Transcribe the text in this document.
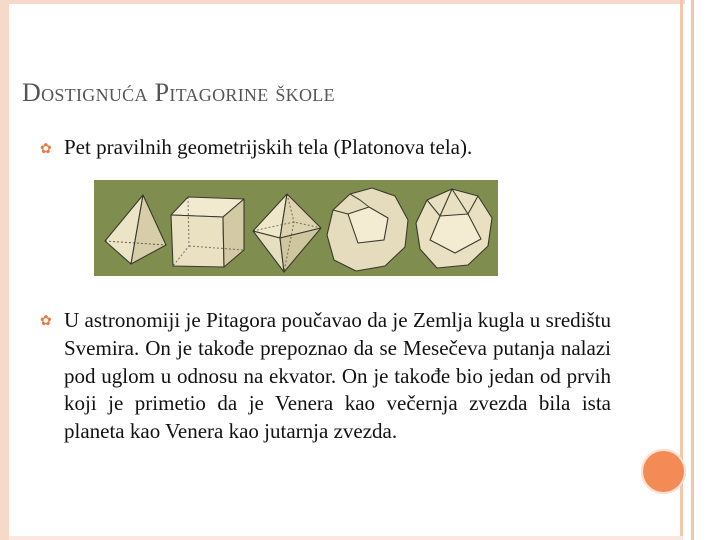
Dostignuća Pitagorine škole
✿ Pet pravilnih geometrijskih tela (Platonova tela).

✿ U astronomiji je Pitagora poučavao da je Zemlja kugla u središtu Svemira. On je takođe prepoznao da se Mesečeva putanja nalazi pod uglom u odnosu na ekvator. On je takođe bio jedan od prvih koji je primetio da je Venera kao večernja zvezda bila ista planeta kao Venera kao jutarnja zvezda.
